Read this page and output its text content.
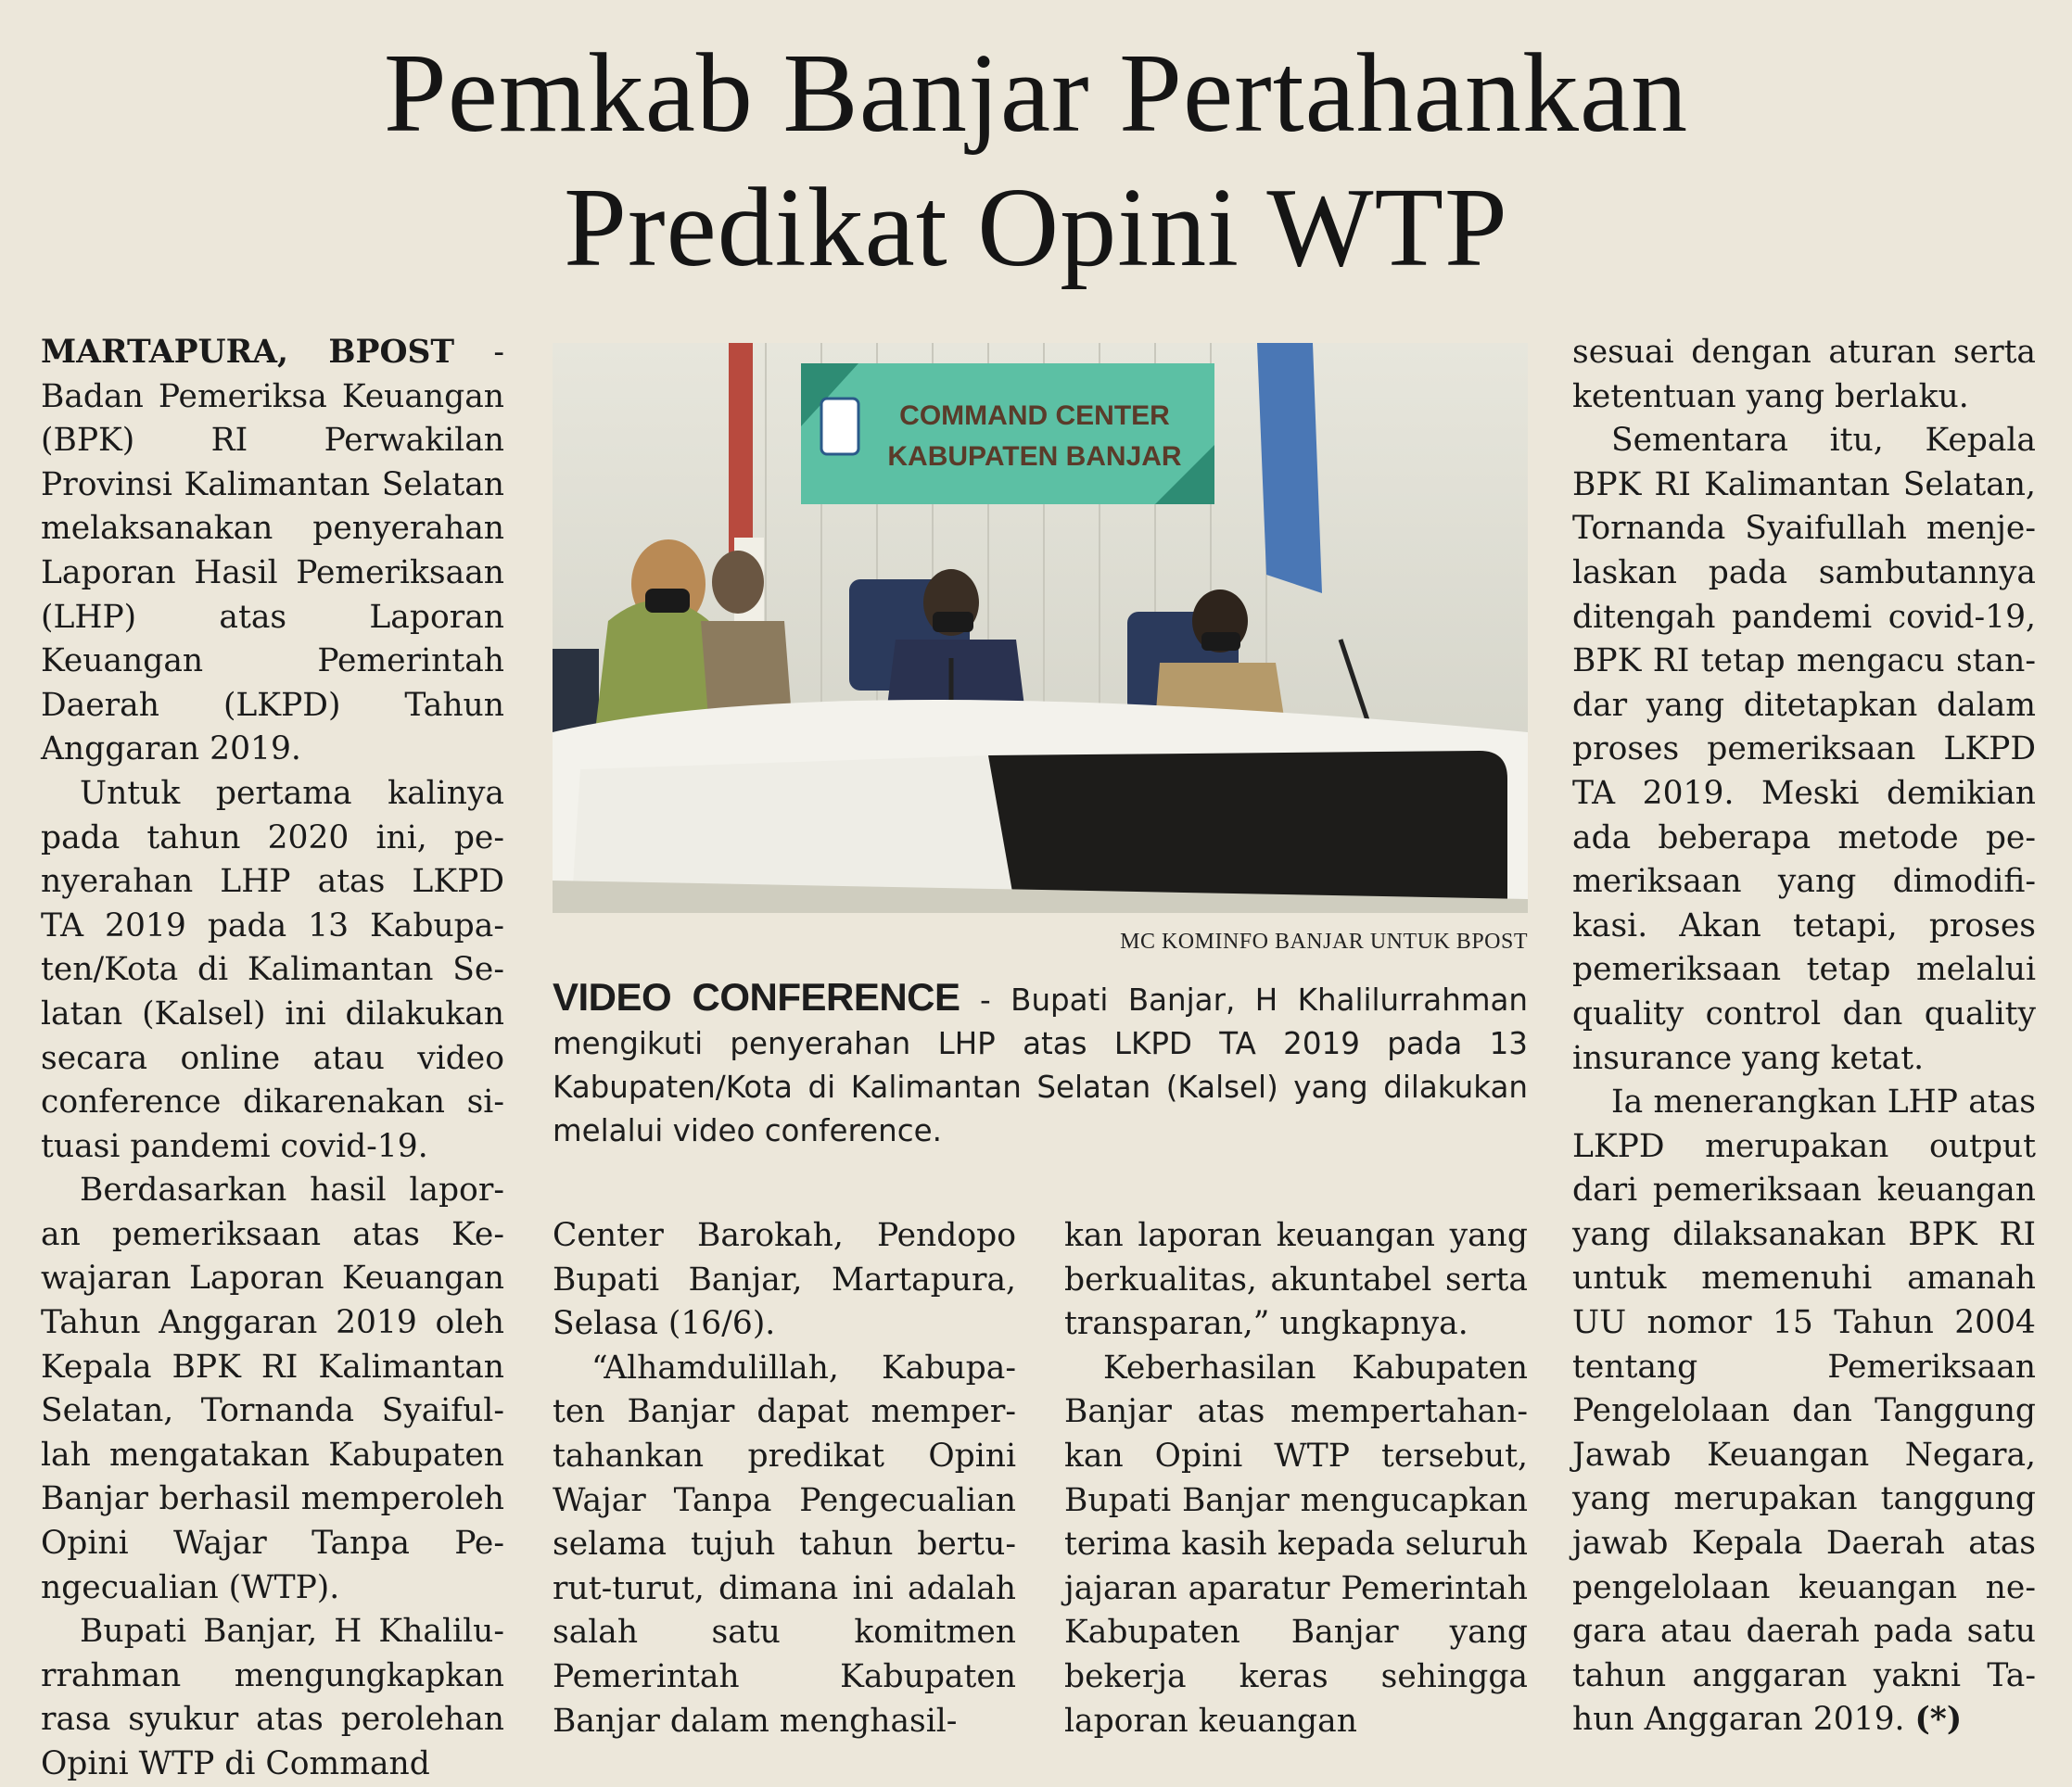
Pemkab Banjar Pertahankan
Predikat Opini WTP

MARTAPURA, BPOST - Badan Pemeriksa Keuangan (BPK) RI Perwakilan Provinsi Kalimantan Selatan melaksanakan penyerahan Laporan Hasil Pemeriksaan (LHP) atas Laporan Keuangan Pemerintah Daerah (LKPD) Tahun Anggaran 2019.

Untuk pertama kalinya pada tahun 2020 ini, penyerahan LHP atas LKPD TA 2019 pada 13 Kabupaten/Kota di Kalimantan Selatan (Kalsel) ini dilakukan secara online atau video conference dikarenakan situasi pandemi covid-19.

Berdasarkan hasil laporan pemeriksaan atas Kewajaran Laporan Keuangan Tahun Anggaran 2019 oleh Kepala BPK RI Kalimantan Selatan, Tornanda Syaifullah mengatakan Kabupaten Banjar berhasil memperoleh Opini Wajar Tanpa Pengecualian (WTP).

Bupati Banjar, H Khalilurrahman mengungkapkan rasa syukur atas perolehan Opini WTP di Command

COMMAND CENTER
KABUPATEN BANJAR
MC KOMINFO BANJAR UNTUK BPOST
VIDEO CONFERENCE - Bupati Banjar, H Khalilurrahman mengikuti penyerahan LHP atas LKPD TA 2019 pada 13 Kabupaten/Kota di Kalimantan Selatan (Kalsel) yang dilakukan melalui video conference.

Center Barokah, Pendopo Bupati Banjar, Martapura, Selasa (16/6).

“Alhamdulillah, Kabupaten Banjar dapat mempertahankan predikat Opini Wajar Tanpa Pengecualian selama tujuh tahun berturut-turut, dimana ini adalah salah satu komitmen Pemerintah Kabupaten Banjar dalam menghasil-

kan laporan keuangan yang berkualitas, akuntabel serta transparan,” ungkapnya.

Keberhasilan Kabupaten Banjar atas mempertahankan Opini WTP tersebut, Bupati Banjar mengucapkan terima kasih kepada seluruh jajaran aparatur Pemerintah Kabupaten Banjar yang bekerja keras sehingga laporan keuangan

sesuai dengan aturan serta ketentuan yang berlaku.

Sementara itu, Kepala BPK RI Kalimantan Selatan, Tornanda Syaifullah menjelaskan pada sambutannya ditengah pandemi covid-19, BPK RI tetap mengacu standar yang ditetapkan dalam proses pemeriksaan LKPD TA 2019. Meski demikian ada beberapa metode pemeriksaan yang dimodifikasi. Akan tetapi, proses pemeriksaan tetap melalui quality control dan quality insurance yang ketat.

Ia menerangkan LHP atas LKPD merupakan output dari pemeriksaan keuangan yang dilaksanakan BPK RI untuk memenuhi amanah UU nomor 15 Tahun 2004 tentang Pemeriksaan Pengelolaan dan Tanggung Jawab Keuangan Negara, yang merupakan tanggung jawab Kepala Daerah atas pengelolaan keuangan negara atau daerah pada satu tahun anggaran yakni Tahun Anggaran 2019. (*)
